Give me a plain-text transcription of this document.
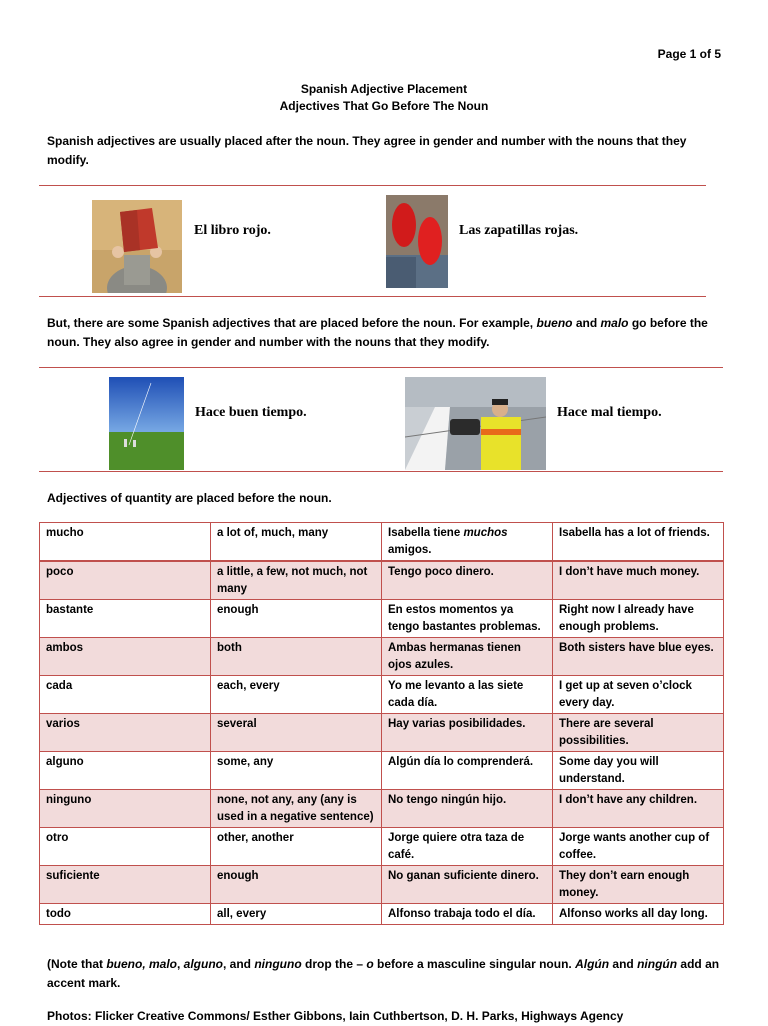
Page 1 of 5
Spanish Adjective Placement
Adjectives That Go Before The Noun
Spanish adjectives are usually placed after the noun. They agree in gender and number with the nouns that they modify.
El libro rojo.	Las zapatillas rojas.
But, there are some Spanish adjectives that are placed before the noun. For example, bueno and malo go before the noun. They also agree in gender and number with the nouns that they modify.
Hace buen tiempo.	Hace mal tiempo.
Adjectives of quantity are placed before the noun.
mucho	a lot of, much, many	Isabella tiene muchos amigos.	Isabella has a lot of friends.
poco	a little, a few, not much, not many	Tengo poco dinero.	I don’t have much money.
bastante	enough	En estos momentos ya tengo bastantes problemas.	Right now I already have enough problems.
ambos	both	Ambas hermanas tienen ojos azules.	Both sisters have blue eyes.
cada	each, every	Yo me levanto a las siete cada día.	I get up at seven o’clock every day.
varios	several	Hay varias posibilidades.	There are several possibilities.
alguno	some, any	Algún día lo comprenderá.	Some day you will understand.
ninguno	none, not any, any (any is used in a negative sentence)	No tengo ningún hijo.	I don’t have any children.
otro	other, another	Jorge quiere otra taza de café.	Jorge wants another cup of coffee.
suficiente	enough	No ganan suficiente dinero.	They don’t earn enough money.
todo	all, every	Alfonso trabaja todo el día.	Alfonso works all day long.
(Note that bueno, malo, alguno, and ninguno drop the – o before a masculine singular noun. Algún and ningún add an accent mark.
Photos: Flicker Creative Commons/ Esther Gibbons, Iain Cuthbertson, D. H. Parks, Highways Agency
